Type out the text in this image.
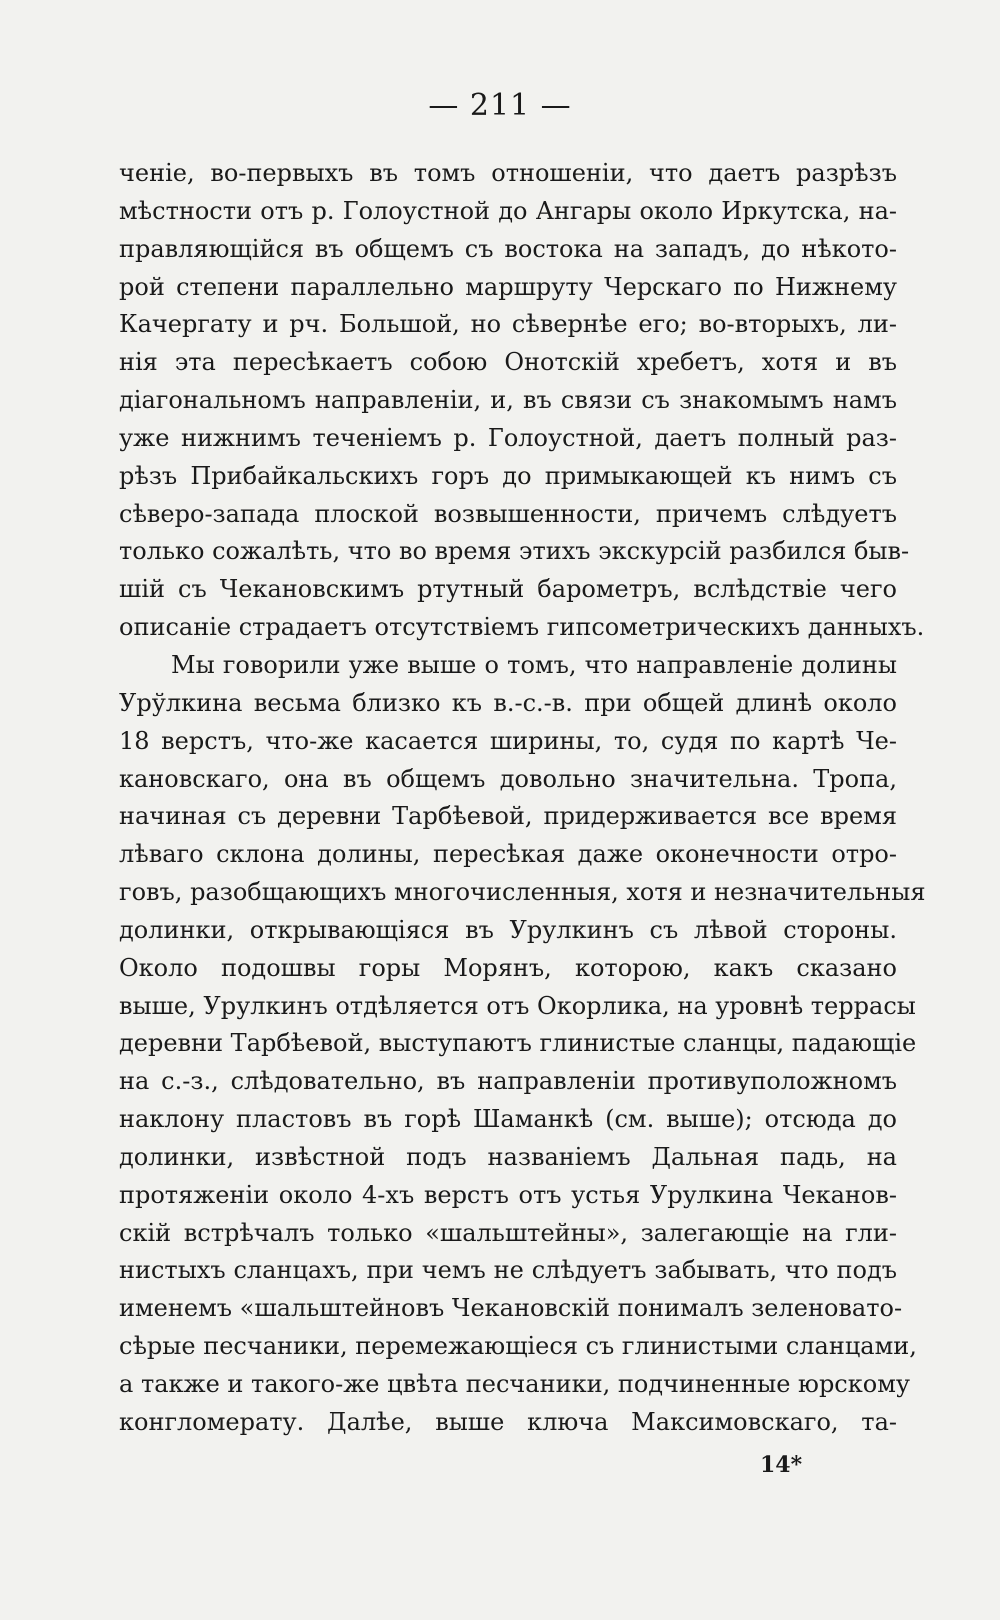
— 211 —
ченіе, во-первыхъ въ томъ отношеніи, что даетъ разрѣзъ
мѣстности отъ р. Голоустной до Ангары около Иркутска, на-
правляющійся въ общемъ съ востока на западъ, до нѣкото-
рой степени параллельно маршруту Черскаго по Нижнему
Качергату и рч. Большой, но сѣвернѣе его; во-вторыхъ, ли-
нія эта пересѣкаетъ собою Онотскій хребетъ, хотя и въ
діагональномъ направленіи, и, въ связи съ знакомымъ намъ
уже нижнимъ теченіемъ р. Голоустной, даетъ полный раз-
рѣзъ Прибайкальскихъ горъ до примыкающей къ нимъ съ
сѣверо-запада плоской возвышенности, причемъ слѣдуетъ
только сожалѣть, что во время этихъ экскурсій разбился быв-
шій съ Чекановскимъ ртутный барометръ, вслѣдствіе чего
описаніе страдаетъ отсутствіемъ гипсометрическихъ данныхъ.
Мы говорили уже выше о томъ, что направленіе долины
Урўлкина весьма близко къ в.-с.-в. при общей длинѣ около
18 верстъ, что-же касается ширины, то, судя по картѣ Че-
кановскаго, она въ общемъ довольно значительна. Тропа,
начиная съ деревни Тарбѣевой, придерживается все время
лѣваго склона долины, пересѣкая даже оконечности отро-
говъ, разобщающихъ многочисленныя, хотя и незначительныя
долинки, открывающіяся въ Урулкинъ съ лѣвой стороны.
Около подошвы горы Морянъ, которою, какъ сказано
выше, Урулкинъ отдѣляется отъ Окорлика, на уровнѣ террасы
деревни Тарбѣевой, выступаютъ глинистые сланцы, падающіе
на с.-з., слѣдовательно, въ направленіи противуположномъ
наклону пластовъ въ горѣ Шаманкѣ (см. выше); отсюда до
долинки, извѣстной подъ названіемъ Дальная падь, на
протяженіи около 4-хъ верстъ отъ устья Урулкина Чеканов-
скій встрѣчалъ только «шальштейны», залегающіе на гли-
нистыхъ сланцахъ, при чемъ не слѣдуетъ забывать, что подъ
именемъ «шальштейновъ Чекановскій понималъ зеленовато-
сѣрые песчаники, перемежающіеся съ глинистыми сланцами,
а также и такого-же цвѣта песчаники, подчиненные юрскому
конгломерату. Далѣе, выше ключа Максимовскаго, та-
14*
